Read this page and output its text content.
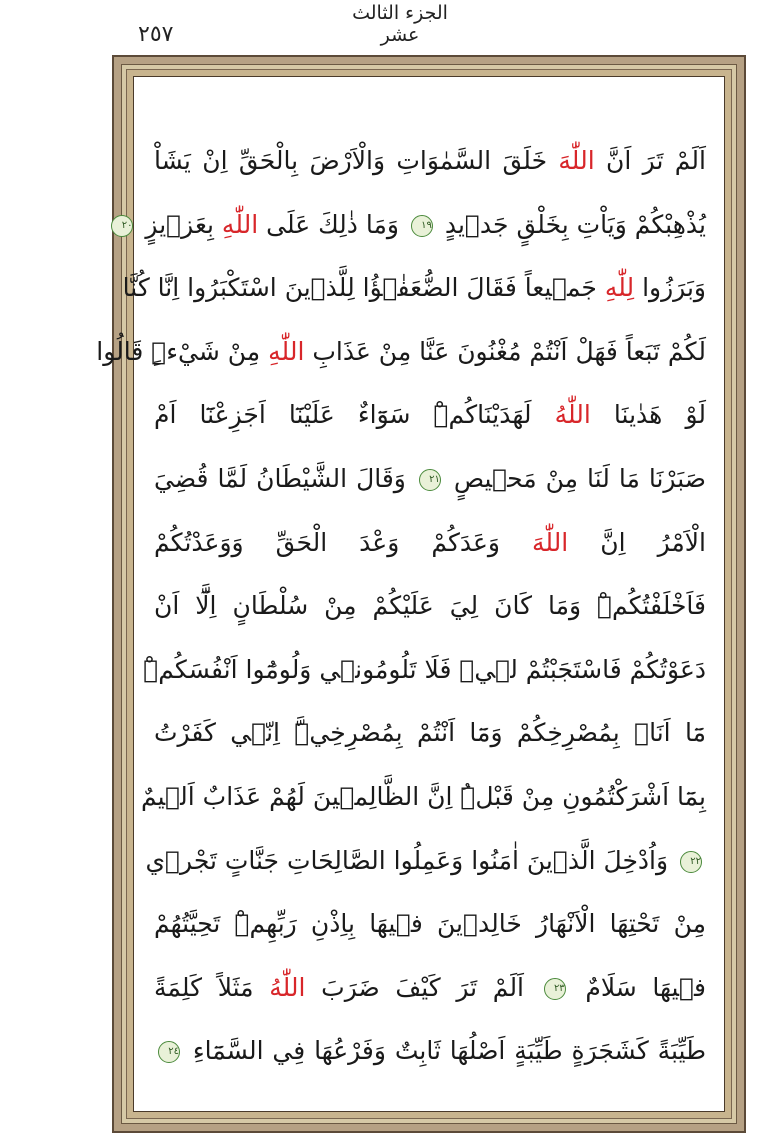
الجزء الثالث عشر
٢٥٧
اَلَمْ تَرَ اَنَّ اللّٰهَ خَلَقَ السَّمٰوَاتِ وَالْاَرْضَ بِالْحَقِّ اِنْ يَشَاْ
يُذْهِبْكُمْ وَيَاْتِ بِخَلْقٍ جَد۪يدٍ ١٩ وَمَا ذٰلِكَ عَلَى اللّٰهِ بِعَز۪يزٍ ٢٠
وَبَرَزُوا لِلّٰهِ جَم۪يعاً فَقَالَ الضُّعَفٰۤؤُا لِلَّذ۪ينَ اسْتَكْبَرُوا اِنَّا كُنَّا
لَكُمْ تَبَعاً فَهَلْ اَنْتُمْ مُغْنُونَ عَنَّا مِنْ عَذَابِ اللّٰهِ مِنْ شَيْءٍۜ قَالُوا
لَوْ هَدٰينَا اللّٰهُ لَهَدَيْنَاكُمْۜ سَوَٓاءٌ عَلَيْنَٓا اَجَزِعْنَٓا اَمْ
صَبَرْنَا مَا لَنَا مِنْ مَح۪يصٍ ٢١ وَقَالَ الشَّيْطَانُ لَمَّا قُضِيَ
الْاَمْرُ اِنَّ اللّٰهَ وَعَدَكُمْ وَعْدَ الْحَقِّ وَوَعَدْتُكُمْ
فَاَخْلَفْتُكُمْۜ وَمَا كَانَ لِيَ عَلَيْكُمْ مِنْ سُلْطَانٍ اِلَّٓا اَنْ
دَعَوْتُكُمْ فَاسْتَجَبْتُمْ ل۪يۚ فَلَا تَلُومُون۪ي وَلُومُٓوا اَنْفُسَكُمْۜ
مَٓا اَنَا۬ بِمُصْرِخِكُمْ وَمَٓا اَنْتُمْ بِمُصْرِخِيَّۜ اِنّ۪ي كَفَرْتُ
بِمَٓا اَشْرَكْتُمُونِ مِنْ قَبْلُۜ اِنَّ الظَّالِم۪ينَ لَهُمْ عَذَابٌ اَل۪يمٌ
٢٢ وَاُدْخِلَ الَّذ۪ينَ اٰمَنُوا وَعَمِلُوا الصَّالِحَاتِ جَنَّاتٍ تَجْر۪ي
مِنْ تَحْتِهَا الْاَنْهَارُ خَالِد۪ينَ ف۪يهَا بِاِذْنِ رَبِّهِمْۜ تَحِيَّتُهُمْ
ف۪يهَا سَلَامٌ ٢٣ اَلَمْ تَرَ كَيْفَ ضَرَبَ اللّٰهُ مَثَلاً كَلِمَةً
طَيِّبَةً كَشَجَرَةٍ طَيِّبَةٍ اَصْلُهَا ثَابِتٌ وَفَرْعُهَا فِي السَّمَٓاءِ ٢٤
